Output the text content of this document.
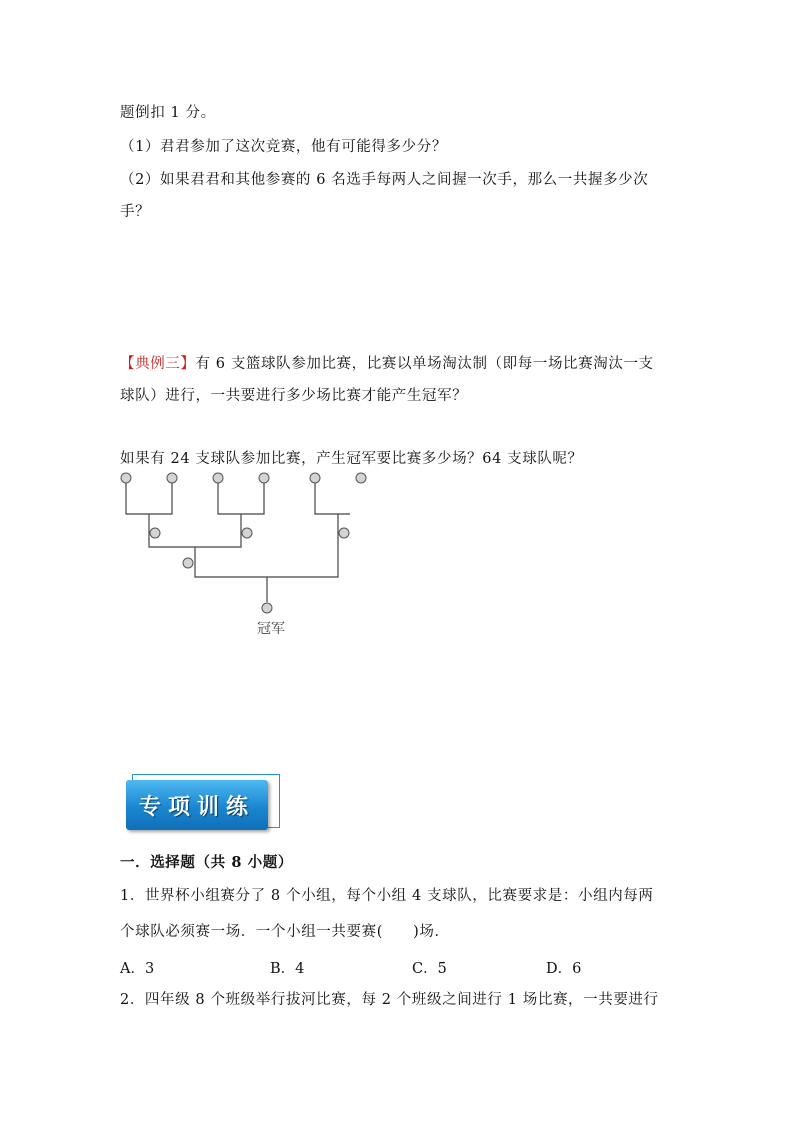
题倒扣 1 分。
（1）君君参加了这次竞赛，他有可能得多少分？
（2）如果君君和其他参赛的 6 名选手每两人之间握一次手，那么一共握多少次
手？
【典例三】有 6 支篮球队参加比赛，比赛以单场淘汰制（即每一场比赛淘汰一支
球队）进行，一共要进行多少场比赛才能产生冠军？
如果有 24 支球队参加比赛，产生冠军要比赛多少场？64 支球队呢？
冠军
专项训练
一．选择题（共 8 小题）
1．世界杯小组赛分了 8 个小组，每个小组 4 支球队，比赛要求是：小组内每两
个球队必须赛一场．一个小组一共要赛(　　)场．
A．3	B．4	C．5	D．6
2．四年级 8 个班级举行拔河比赛，每 2 个班级之间进行 1 场比赛，一共要进行
